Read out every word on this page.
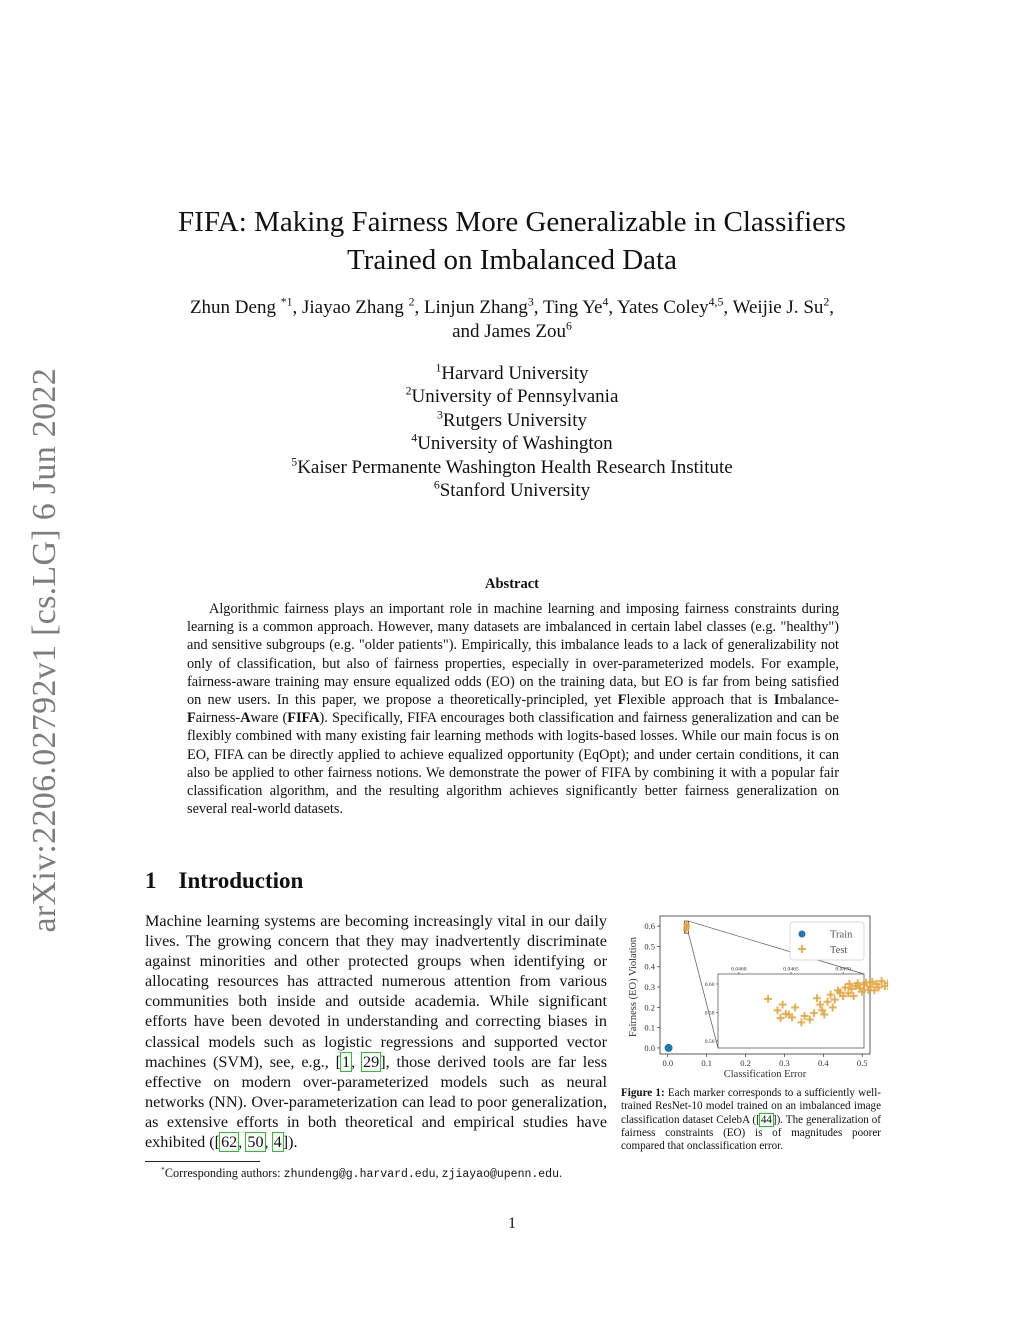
arXiv:2206.02792v1 [cs.LG] 6 Jun 2022
FIFA: Making Fairness More Generalizable in Classifiers
Trained on Imbalanced Data
Zhun Deng $^{*1}$, Jiayao Zhang $^2$, Linjun Zhang$^3$, Ting Ye$^4$, Yates Coley$^{4,5}$, Weijie J. Su$^2$,
and James Zou$^6$
$^1$Harvard University
$^2$University of Pennsylvania
$^3$Rutgers University
$^4$University of Washington
$^5$Kaiser Permanente Washington Health Research Institute
$^6$Stanford University
Abstract
Algorithmic fairness plays an important role in machine learning and imposing fairness constraints during learning is a common approach. However, many datasets are imbalanced in certain label classes (e.g. "healthy") and sensitive subgroups (e.g. "older patients"). Empirically, this imbalance leads to a lack of generalizability not only of classification, but also of fairness properties, especially in over-parameterized models. For example, fairness-aware training may ensure equalized odds (EO) on the training data, but EO is far from being satisfied on new users. In this paper, we propose a theoretically-principled, yet Flexible approach that is Imbalance-Fairness-Aware (FIFA). Specifically, FIFA encourages both classification and fairness generalization and can be flexibly combined with many existing fair learning methods with logits-based losses. While our main focus is on EO, FIFA can be directly applied to achieve equalized opportunity (EqOpt); and under certain conditions, it can also be applied to other fairness notions. We demonstrate the power of FIFA by combining it with a popular fair classification algorithm, and the resulting algorithm achieves significantly better fairness generalization on several real-world datasets.
1 Introduction
Machine learning systems are becoming increasingly vital in our daily lives. The growing concern that they may inadvertently discriminate against minorities and other protected groups when identifying or allocating resources has attracted numerous attention from various communities both inside and outside academia. While significant efforts have been devoted in understanding and correcting biases in classical models such as logistic regressions and supported vector machines (SVM), see, e.g., [1, 29], those derived tools are far less effective on modern over-parameterized models such as neural networks (NN). Over-parameterization can lead to poor generalization, as extensive efforts in both theoretical and empirical studies have exhibited ([62, 50, 4]).
*Corresponding authors: zhundeng@g.harvard.edu, zjiayao@upenn.edu.
0.0	0.1	0.2	0.3	0.4	0.5
0.0
0.1
0.2
0.3
0.4
0.5
0.6
Classification Error
Fairness (EO) Violation	0.0460	0.0465	0.0470
0.56
0.58
0.60
Train
Test
Figure 1: Each marker corresponds to a sufficiently well-trained ResNet-10 model trained on an imbalanced image classification dataset CelebA ([44]). The generalization of fairness constraints (EO) is of magnitudes poorer compared that onclassification error.
1
